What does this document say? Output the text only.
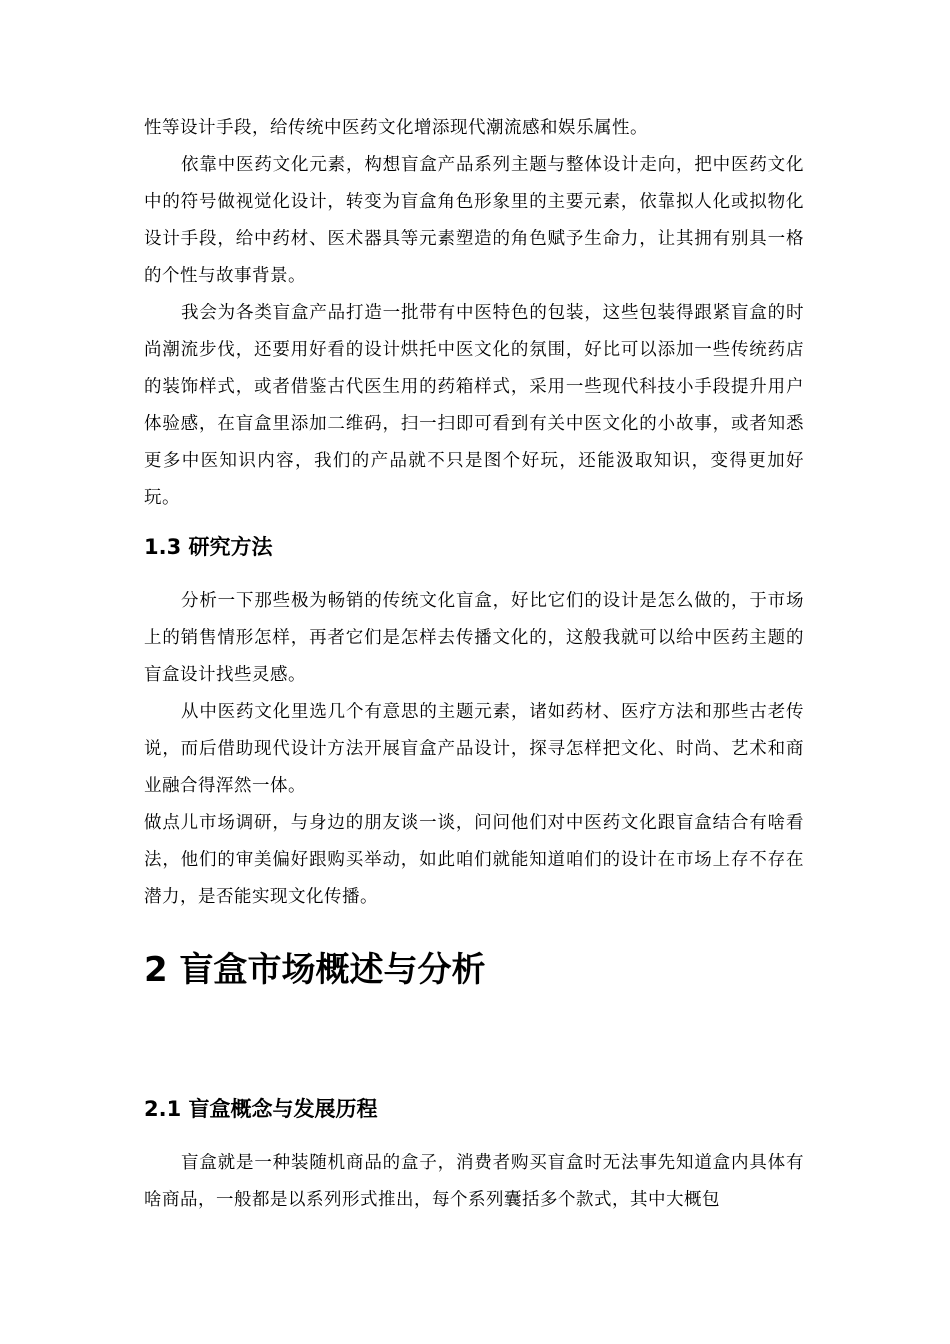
性等设计手段，给传统中医药文化增添现代潮流感和娱乐属性。

依靠中医药文化元素，构想盲盒产品系列主题与整体设计走向，把中医药文化中的符号做视觉化设计，转变为盲盒角色形象里的主要元素，依靠拟人化或拟物化设计手段，给中药材、医术器具等元素塑造的角色赋予生命力，让其拥有别具一格的个性与故事背景。

我会为各类盲盒产品打造一批带有中医特色的包装，这些包装得跟紧盲盒的时尚潮流步伐，还要用好看的设计烘托中医文化的氛围，好比可以添加一些传统药店的装饰样式，或者借鉴古代医生用的药箱样式，采用一些现代科技小手段提升用户体验感，在盲盒里添加二维码，扫一扫即可看到有关中医文化的小故事，或者知悉更多中医知识内容，我们的产品就不只是图个好玩，还能汲取知识，变得更加好玩。

1.3 研究方法

分析一下那些极为畅销的传统文化盲盒，好比它们的设计是怎么做的，于市场上的销售情形怎样，再者它们是怎样去传播文化的，这般我就可以给中医药主题的盲盒设计找些灵感。

从中医药文化里选几个有意思的主题元素，诸如药材、医疗方法和那些古老传说，而后借助现代设计方法开展盲盒产品设计，探寻怎样把文化、时尚、艺术和商业融合得浑然一体。

做点儿市场调研，与身边的朋友谈一谈，问问他们对中医药文化跟盲盒结合有啥看法，他们的审美偏好跟购买举动，如此咱们就能知道咱们的设计在市场上存不存在潜力，是否能实现文化传播。

2 盲盒市场概述与分析
2.1 盲盒概念与发展历程

盲盒就是一种装随机商品的盒子，消费者购买盲盒时无法事先知道盒内具体有啥商品，一般都是以系列形式推出，每个系列囊括多个款式，其中大概包
